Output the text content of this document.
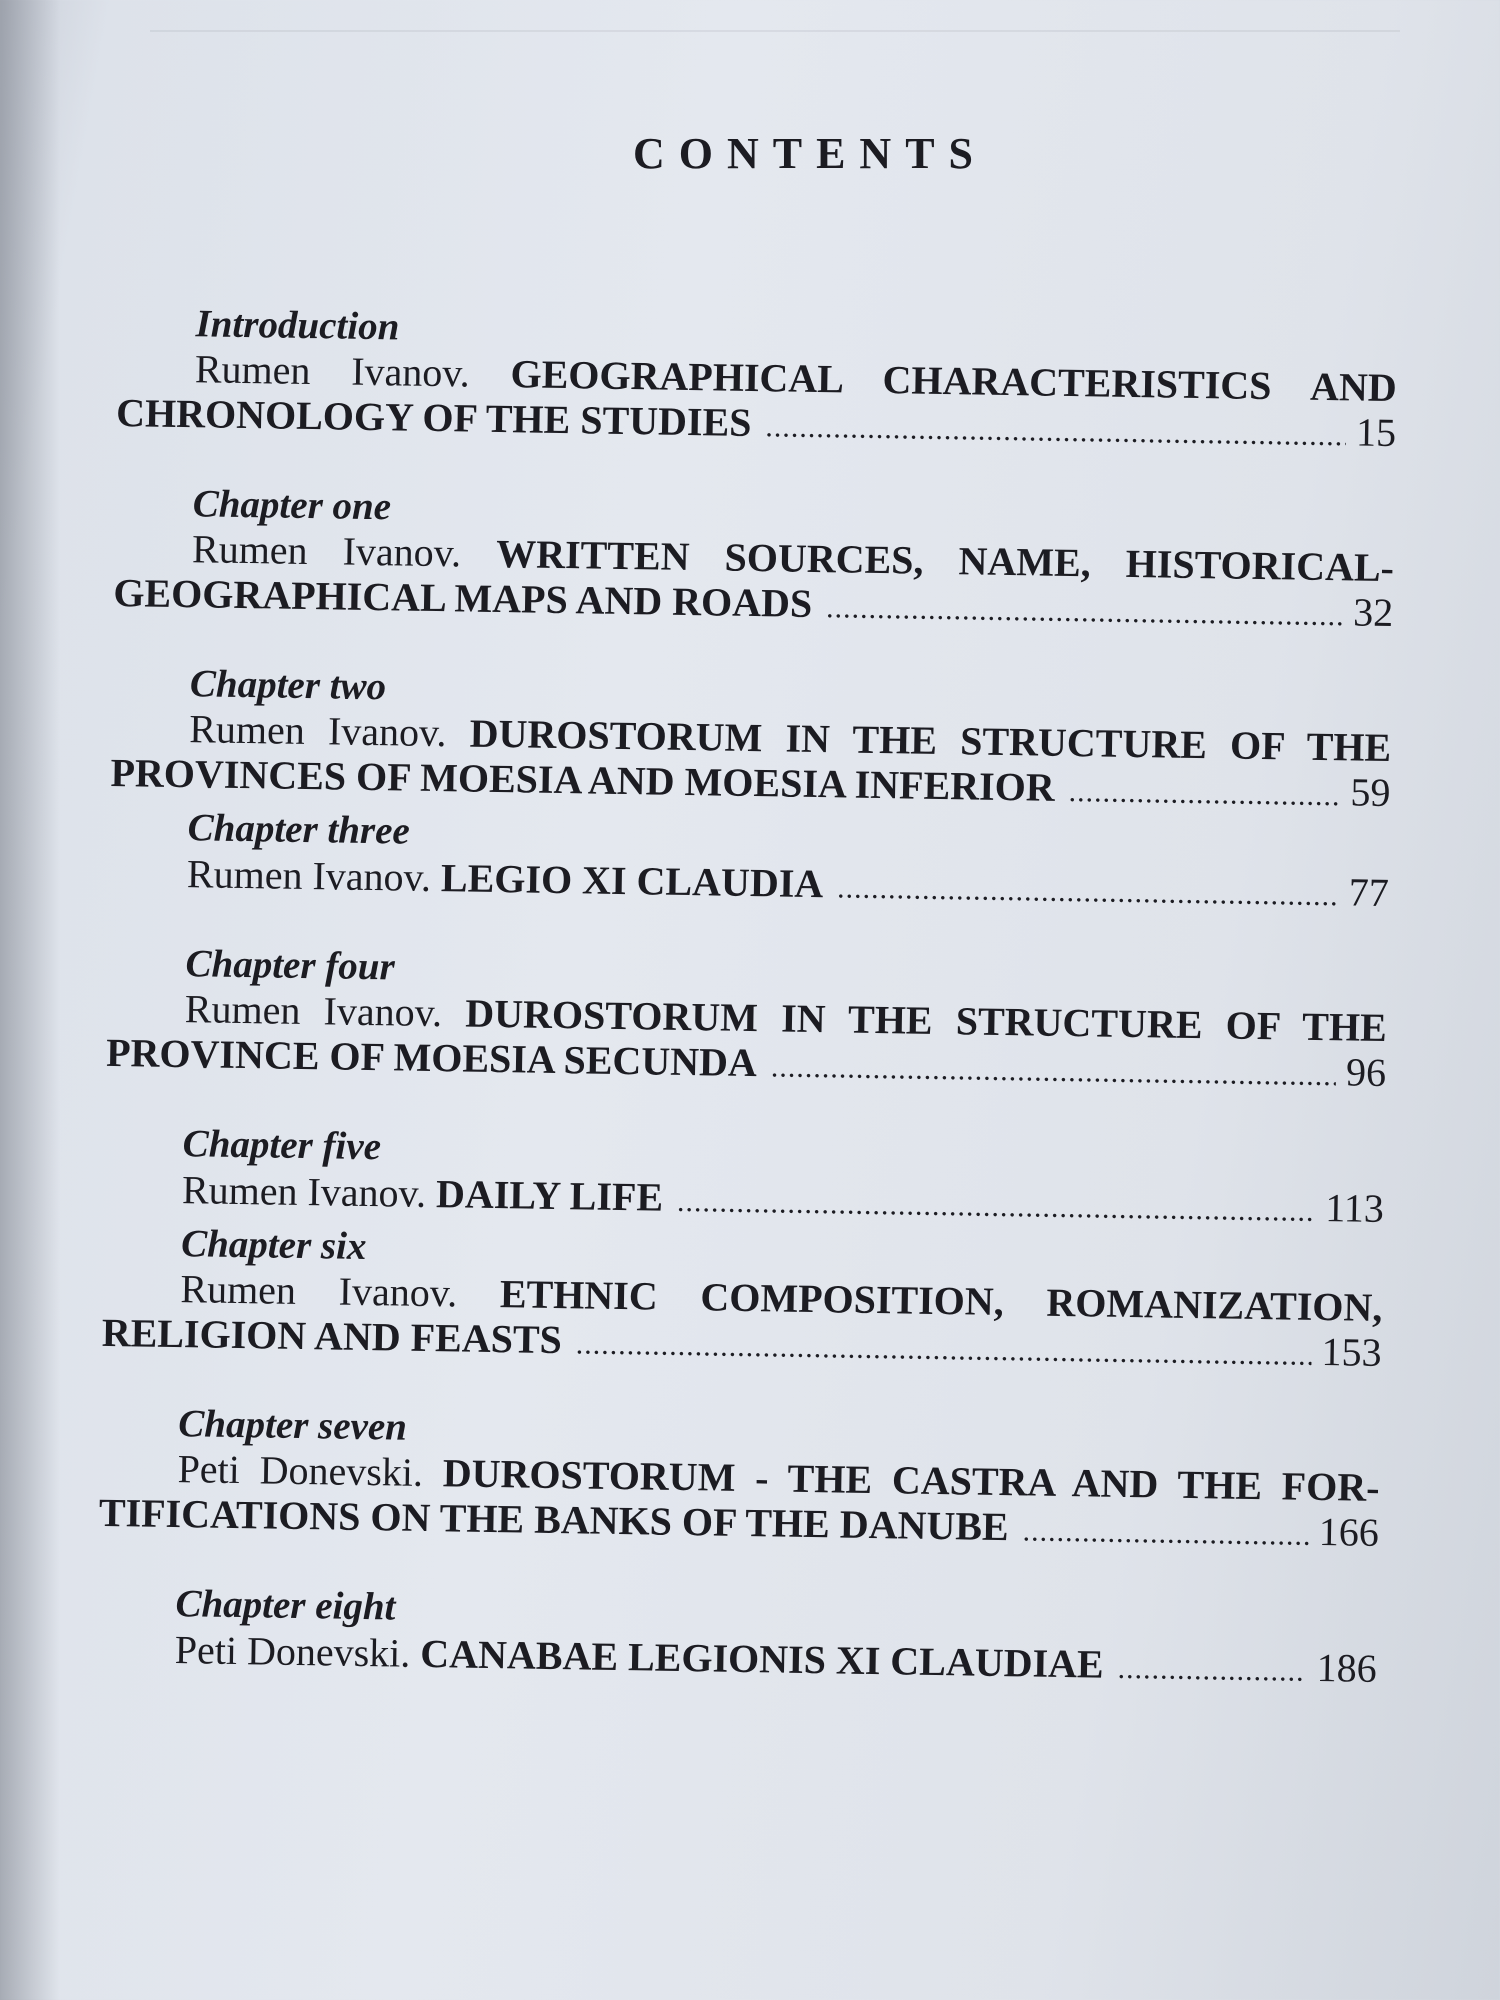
CONTENTS
Introduction
Rumen Ivanov. GEOGRAPHICAL CHARACTERISTICS AND
CHRONOLOGY OF THE STUDIES .....	15
Chapter one
Rumen Ivanov. WRITTEN SOURCES, NAME, HISTORICAL-
GEOGRAPHICAL MAPS AND ROADS .....	32
Chapter two
Rumen Ivanov. DUROSTORUM IN THE STRUCTURE OF THE
PROVINCES OF MOESIA AND MOESIA INFERIOR .....	59
Chapter three
Rumen Ivanov.
LEGIO XI CLAUDIA .....	77
Chapter four
Rumen Ivanov. DUROSTORUM IN THE STRUCTURE OF THE
PROVINCE OF MOESIA SECUNDA .....	96
Chapter five
Rumen Ivanov.
DAILY LIFE .....	113
Chapter six
Rumen Ivanov. ETHNIC COMPOSITION, ROMANIZATION,
RELIGION AND FEASTS .....	153
Chapter seven
Peti Donevski. DUROSTORUM - THE CASTRA AND THE FOR-
TIFICATIONS ON THE BANKS OF THE DANUBE .....	166
Chapter eight
Peti Donevski.
CANABAE LEGIONIS XI CLAUDIAE .....	186
